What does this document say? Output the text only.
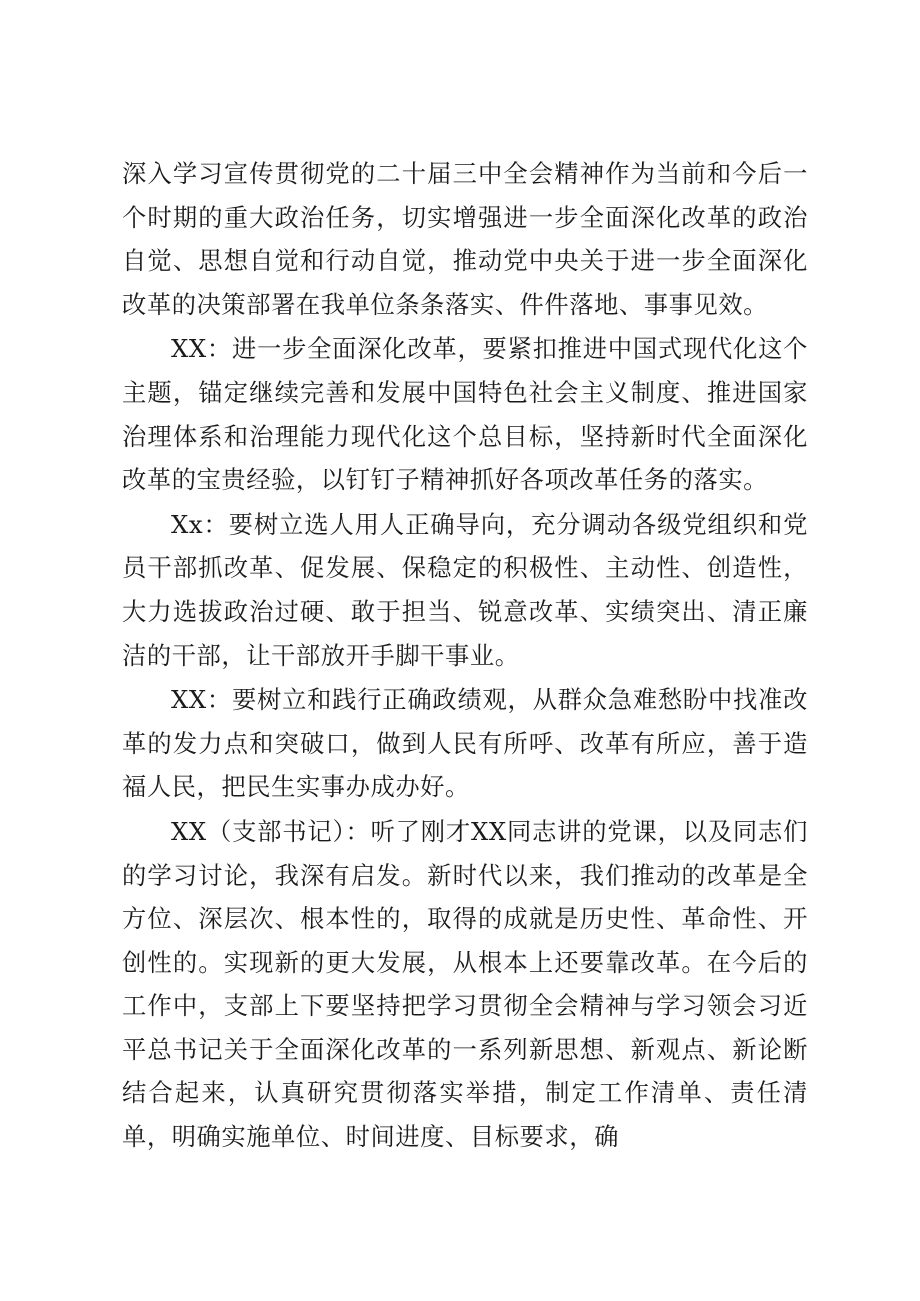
深入学习宣传贯彻党的二十届三中全会精神作为当前和今后一个时期的重大政治任务，切实增强进一步全面深化改革的政治自觉、思想自觉和行动自觉，推动党中央关于进一步全面深化改革的决策部署在我单位条条落实、件件落地、事事见效。

XX：进一步全面深化改革，要紧扣推进中国式现代化这个主题，锚定继续完善和发展中国特色社会主义制度、推进国家治理体系和治理能力现代化这个总目标，坚持新时代全面深化改革的宝贵经验，以钉钉子精神抓好各项改革任务的落实。

Xx：要树立选人用人正确导向，充分调动各级党组织和党员干部抓改革、促发展、保稳定的积极性、主动性、创造性，大力选拔政治过硬、敢于担当、锐意改革、实绩突出、清正廉洁的干部，让干部放开手脚干事业。

XX：要树立和践行正确政绩观，从群众急难愁盼中找准改革的发力点和突破口，做到人民有所呼、改革有所应，善于造福人民，把民生实事办成办好。

XX（支部书记）：听了刚才XX同志讲的党课，以及同志们的学习讨论，我深有启发。新时代以来，我们推动的改革是全方位、深层次、根本性的，取得的成就是历史性、革命性、开创性的。实现新的更大发展，从根本上还要靠改革。在今后的工作中，支部上下要坚持把学习贯彻全会精神与学习领会习近平总书记关于全面深化改革的一系列新思想、新观点、新论断结合起来，认真研究贯彻落实举措，制定工作清单、责任清单，明确实施单位、时间进度、目标要求，确
